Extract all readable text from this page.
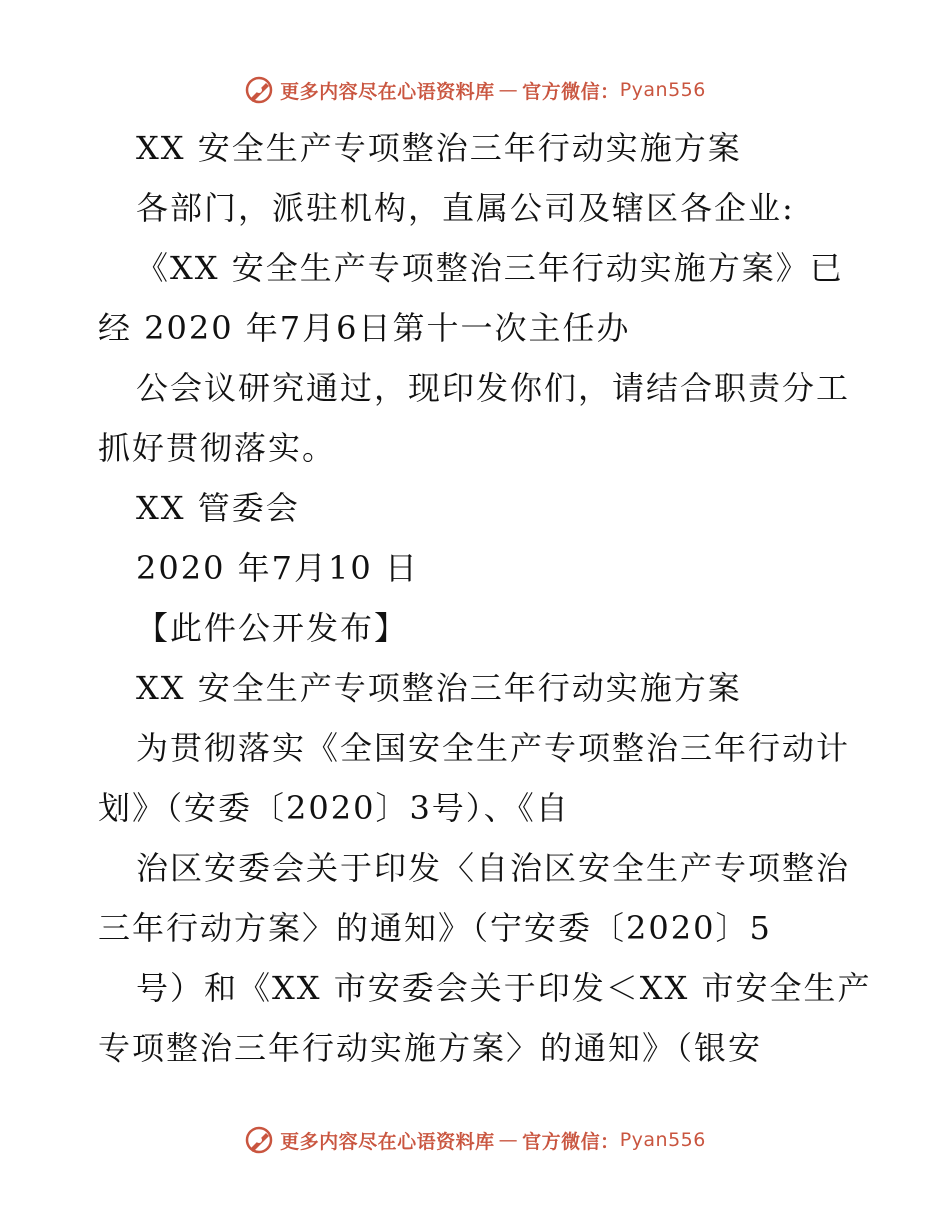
更多内容尽在心语资料库 — 官方微信： Pyan556
XX 安全生产专项整治三年行动实施方案
各部门，派驻机构，直属公司及辖区各企业:
《XX 安全生产专项整治三年行动实施方案》已
经 2020 年7月6日第十一次主任办
公会议研究通过，现印发你们，请结合职责分工
抓好贯彻落实。
XX 管委会
2020 年7月10 日
【此件公开发布】
XX 安全生产专项整治三年行动实施方案
为贯彻落实《全国安全生产专项整治三年行动计
划》（安委〔2020〕3号）、《自
治区安委会关于印发〈自治区安全生产专项整治
三年行动方案〉的通知》（宁安委〔2020〕5
号）和《XX 市安委会关于印发＜XX 市安全生产
专项整治三年行动实施方案〉的通知》（银安
更多内容尽在心语资料库 — 官方微信： Pyan556
